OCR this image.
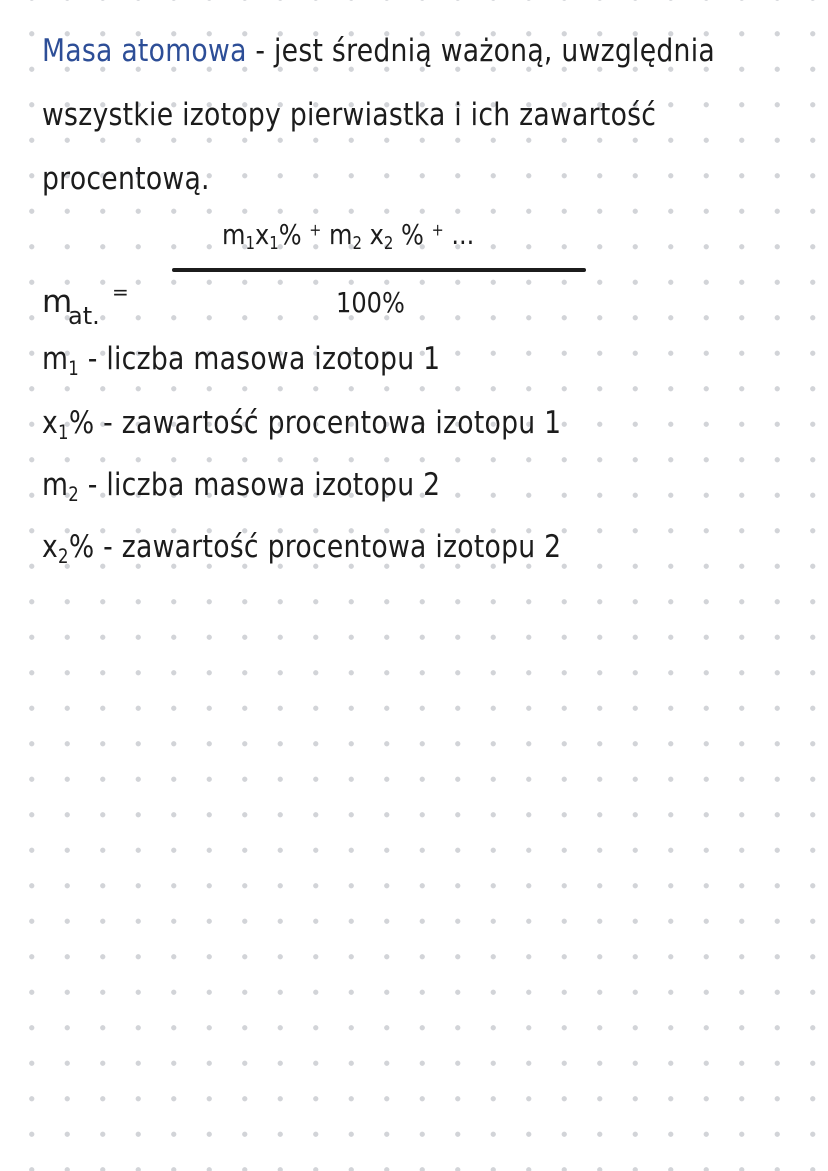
Masa atomowa - jest średnią ważoną, uwzględnia
wszystkie izotopy pierwiastka i ich zawartość
procentową.
$m_1x_1\%$ + $m_2$ $x_2$ % + ...
m
at.
=	100%
$m_1$ - liczba masowa izotopu 1
$x_1\%$ - zawartość procentowa izotopu 1
$m_2$ - liczba masowa izotopu 2
$x_2\%$ - zawartość procentowa izotopu 2
